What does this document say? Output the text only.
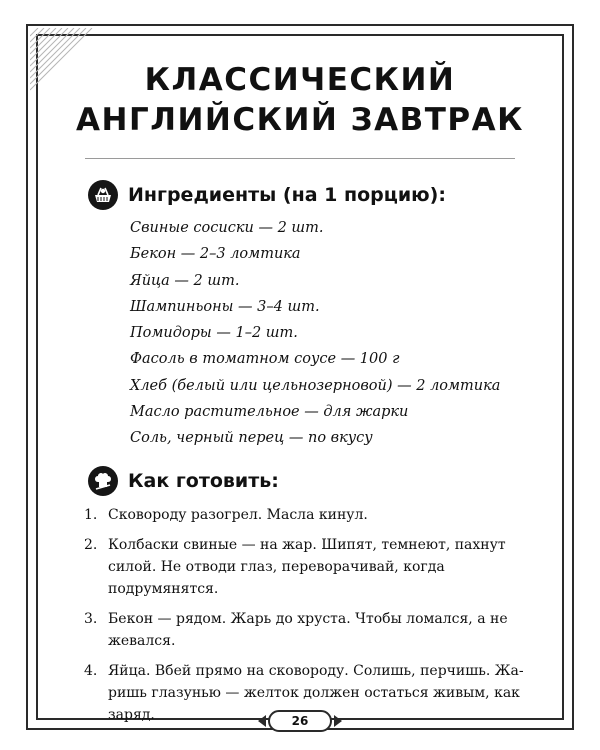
КЛАССИЧЕСКИЙ
АНГЛИЙСКИЙ ЗАВТРАК
Ингредиенты (на 1 порцию):
Свиные сосиски — 2 шт.
Бекон — 2–3 ломтика
Яйца — 2 шт.
Шампиньоны — 3–4 шт.
Помидоры — 1–2 шт.
Фасоль в томатном соусе — 100 г
Хлеб (белый или цельнозерновой) — 2 ломтика
Масло растительное — для жарки
Соль, черный перец — по вкусу
Как готовить:
1. Сковороду разогрел. Масла кинул.
2. Колбаски свиные — на жар. Шипят, темнеют, пахнут силой. Не отводи глаз, переворачивай, когда подрумянятся.
3. Бекон — рядом. Жарь до хруста. Чтобы ломался, а не жевался.
4. Яйца. Вбей прямо на сковороду. Солишь, перчишь. Жаришь глазунью — желток должен остаться живым, как заряд.	26
